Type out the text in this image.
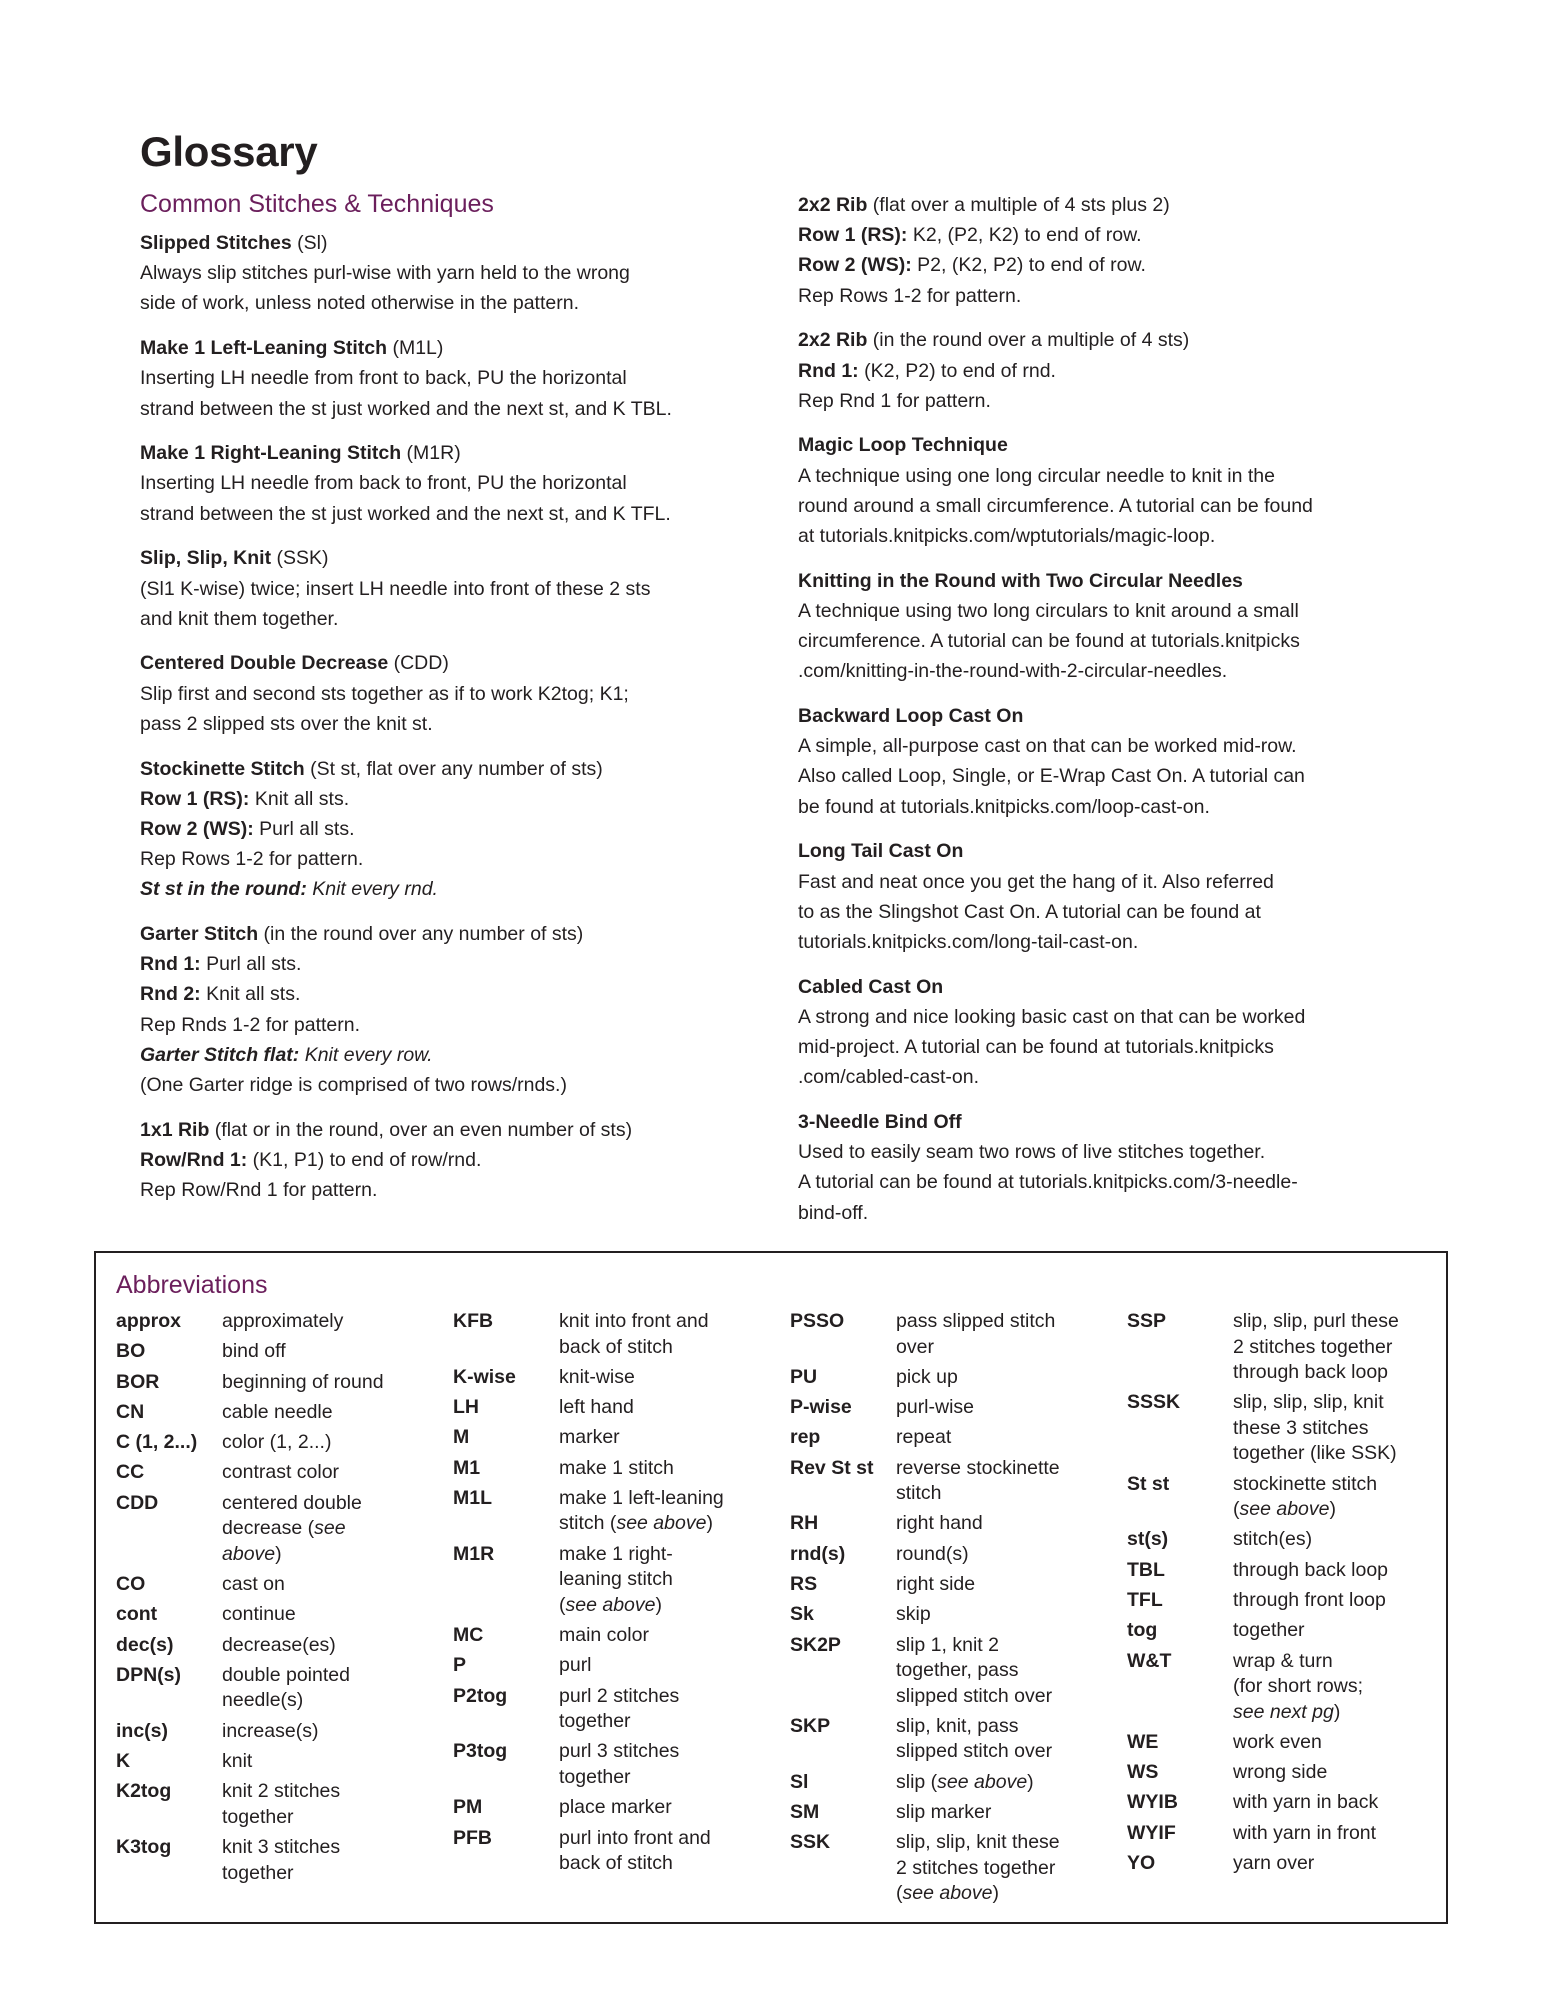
Glossary
Common Stitches & Techniques
Slipped Stitches (Sl)
Always slip stitches purl-wise with yarn held to the wrong
side of work, unless noted otherwise in the pattern.
Make 1 Left-Leaning Stitch (M1L)
Inserting LH needle from front to back, PU the horizontal
strand between the st just worked and the next st, and K TBL.
Make 1 Right-Leaning Stitch (M1R)
Inserting LH needle from back to front, PU the horizontal
strand between the st just worked and the next st, and K TFL.
Slip, Slip, Knit (SSK)
(Sl1 K-wise) twice; insert LH needle into front of these 2 sts
and knit them together.
Centered Double Decrease (CDD)
Slip first and second sts together as if to work K2tog; K1;
pass 2 slipped sts over the knit st.
Stockinette Stitch (St st, flat over any number of sts)
Row 1 (RS): Knit all sts.
Row 2 (WS): Purl all sts.
Rep Rows 1-2 for pattern.
St st in the round: Knit every rnd.
Garter Stitch (in the round over any number of sts)
Rnd 1: Purl all sts.
Rnd 2: Knit all sts.
Rep Rnds 1-2 for pattern.
Garter Stitch flat: Knit every row.
(One Garter ridge is comprised of two rows/rnds.)
1x1 Rib (flat or in the round, over an even number of sts)
Row/Rnd 1: (K1, P1) to end of row/rnd.
Rep Row/Rnd 1 for pattern.
2x2 Rib (flat over a multiple of 4 sts plus 2)
Row 1 (RS): K2, (P2, K2) to end of row.
Row 2 (WS): P2, (K2, P2) to end of row.
Rep Rows 1-2 for pattern.
2x2 Rib (in the round over a multiple of 4 sts)
Rnd 1: (K2, P2) to end of rnd.
Rep Rnd 1 for pattern.
Magic Loop Technique
A technique using one long circular needle to knit in the
round around a small circumference. A tutorial can be found
at tutorials.knitpicks.com/wptutorials/magic-loop.
Knitting in the Round with Two Circular Needles
A technique using two long circulars to knit around a small
circumference. A tutorial can be found at tutorials.knitpicks
.com/knitting-in-the-round-with-2-circular-needles.
Backward Loop Cast On
A simple, all-purpose cast on that can be worked mid-row.
Also called Loop, Single, or E-Wrap Cast On. A tutorial can
be found at tutorials.knitpicks.com/loop-cast-on.
Long Tail Cast On
Fast and neat once you get the hang of it. Also referred
to as the Slingshot Cast On. A tutorial can be found at
tutorials.knitpicks.com/long-tail-cast-on.
Cabled Cast On
A strong and nice looking basic cast on that can be worked
mid-project. A tutorial can be found at tutorials.knitpicks
.com/cabled-cast-on.
3-Needle Bind Off
Used to easily seam two rows of live stitches together.
A tutorial can be found at tutorials.knitpicks.com/3-needle-
bind-off.
Abbreviations
approx	approximately
BO	bind off
BOR	beginning of round
CN	cable needle
C (1, 2...)	color (1, 2...)
CC	contrast color
CDD	centered double
decrease (see
above)
CO	cast on
cont	continue
dec(s)	decrease(es)
DPN(s)	double pointed
needle(s)
inc(s)	increase(s)
K	knit
K2tog	knit 2 stitches
together
K3tog	knit 3 stitches
together
KFB	knit into front and
back of stitch
K-wise	knit-wise
LH	left hand
M	marker
M1	make 1 stitch
M1L	make 1 left-leaning
stitch (see above)
M1R	make 1 right-
leaning stitch
(see above)
MC	main color
P	purl
P2tog	purl 2 stitches
together
P3tog	purl 3 stitches
together
PM	place marker
PFB	purl into front and
back of stitch
PSSO	pass slipped stitch
over
PU	pick up
P-wise	purl-wise
rep	repeat
Rev St st	reverse stockinette
stitch
RH	right hand
rnd(s)	round(s)
RS	right side
Sk	skip
SK2P	slip 1, knit 2
together, pass
slipped stitch over
SKP	slip, knit, pass
slipped stitch over
Sl	slip (see above)
SM	slip marker
SSK	slip, slip, knit these
2 stitches together
(see above)
SSP	slip, slip, purl these
2 stitches together
through back loop
SSSK	slip, slip, slip, knit
these 3 stitches
together (like SSK)
St st	stockinette stitch
(see above)
st(s)	stitch(es)
TBL	through back loop
TFL	through front loop
tog	together
W&T	wrap & turn
(for short rows;
see next pg)
WE	work even
WS	wrong side
WYIB	with yarn in back
WYIF	with yarn in front
YO	yarn over
